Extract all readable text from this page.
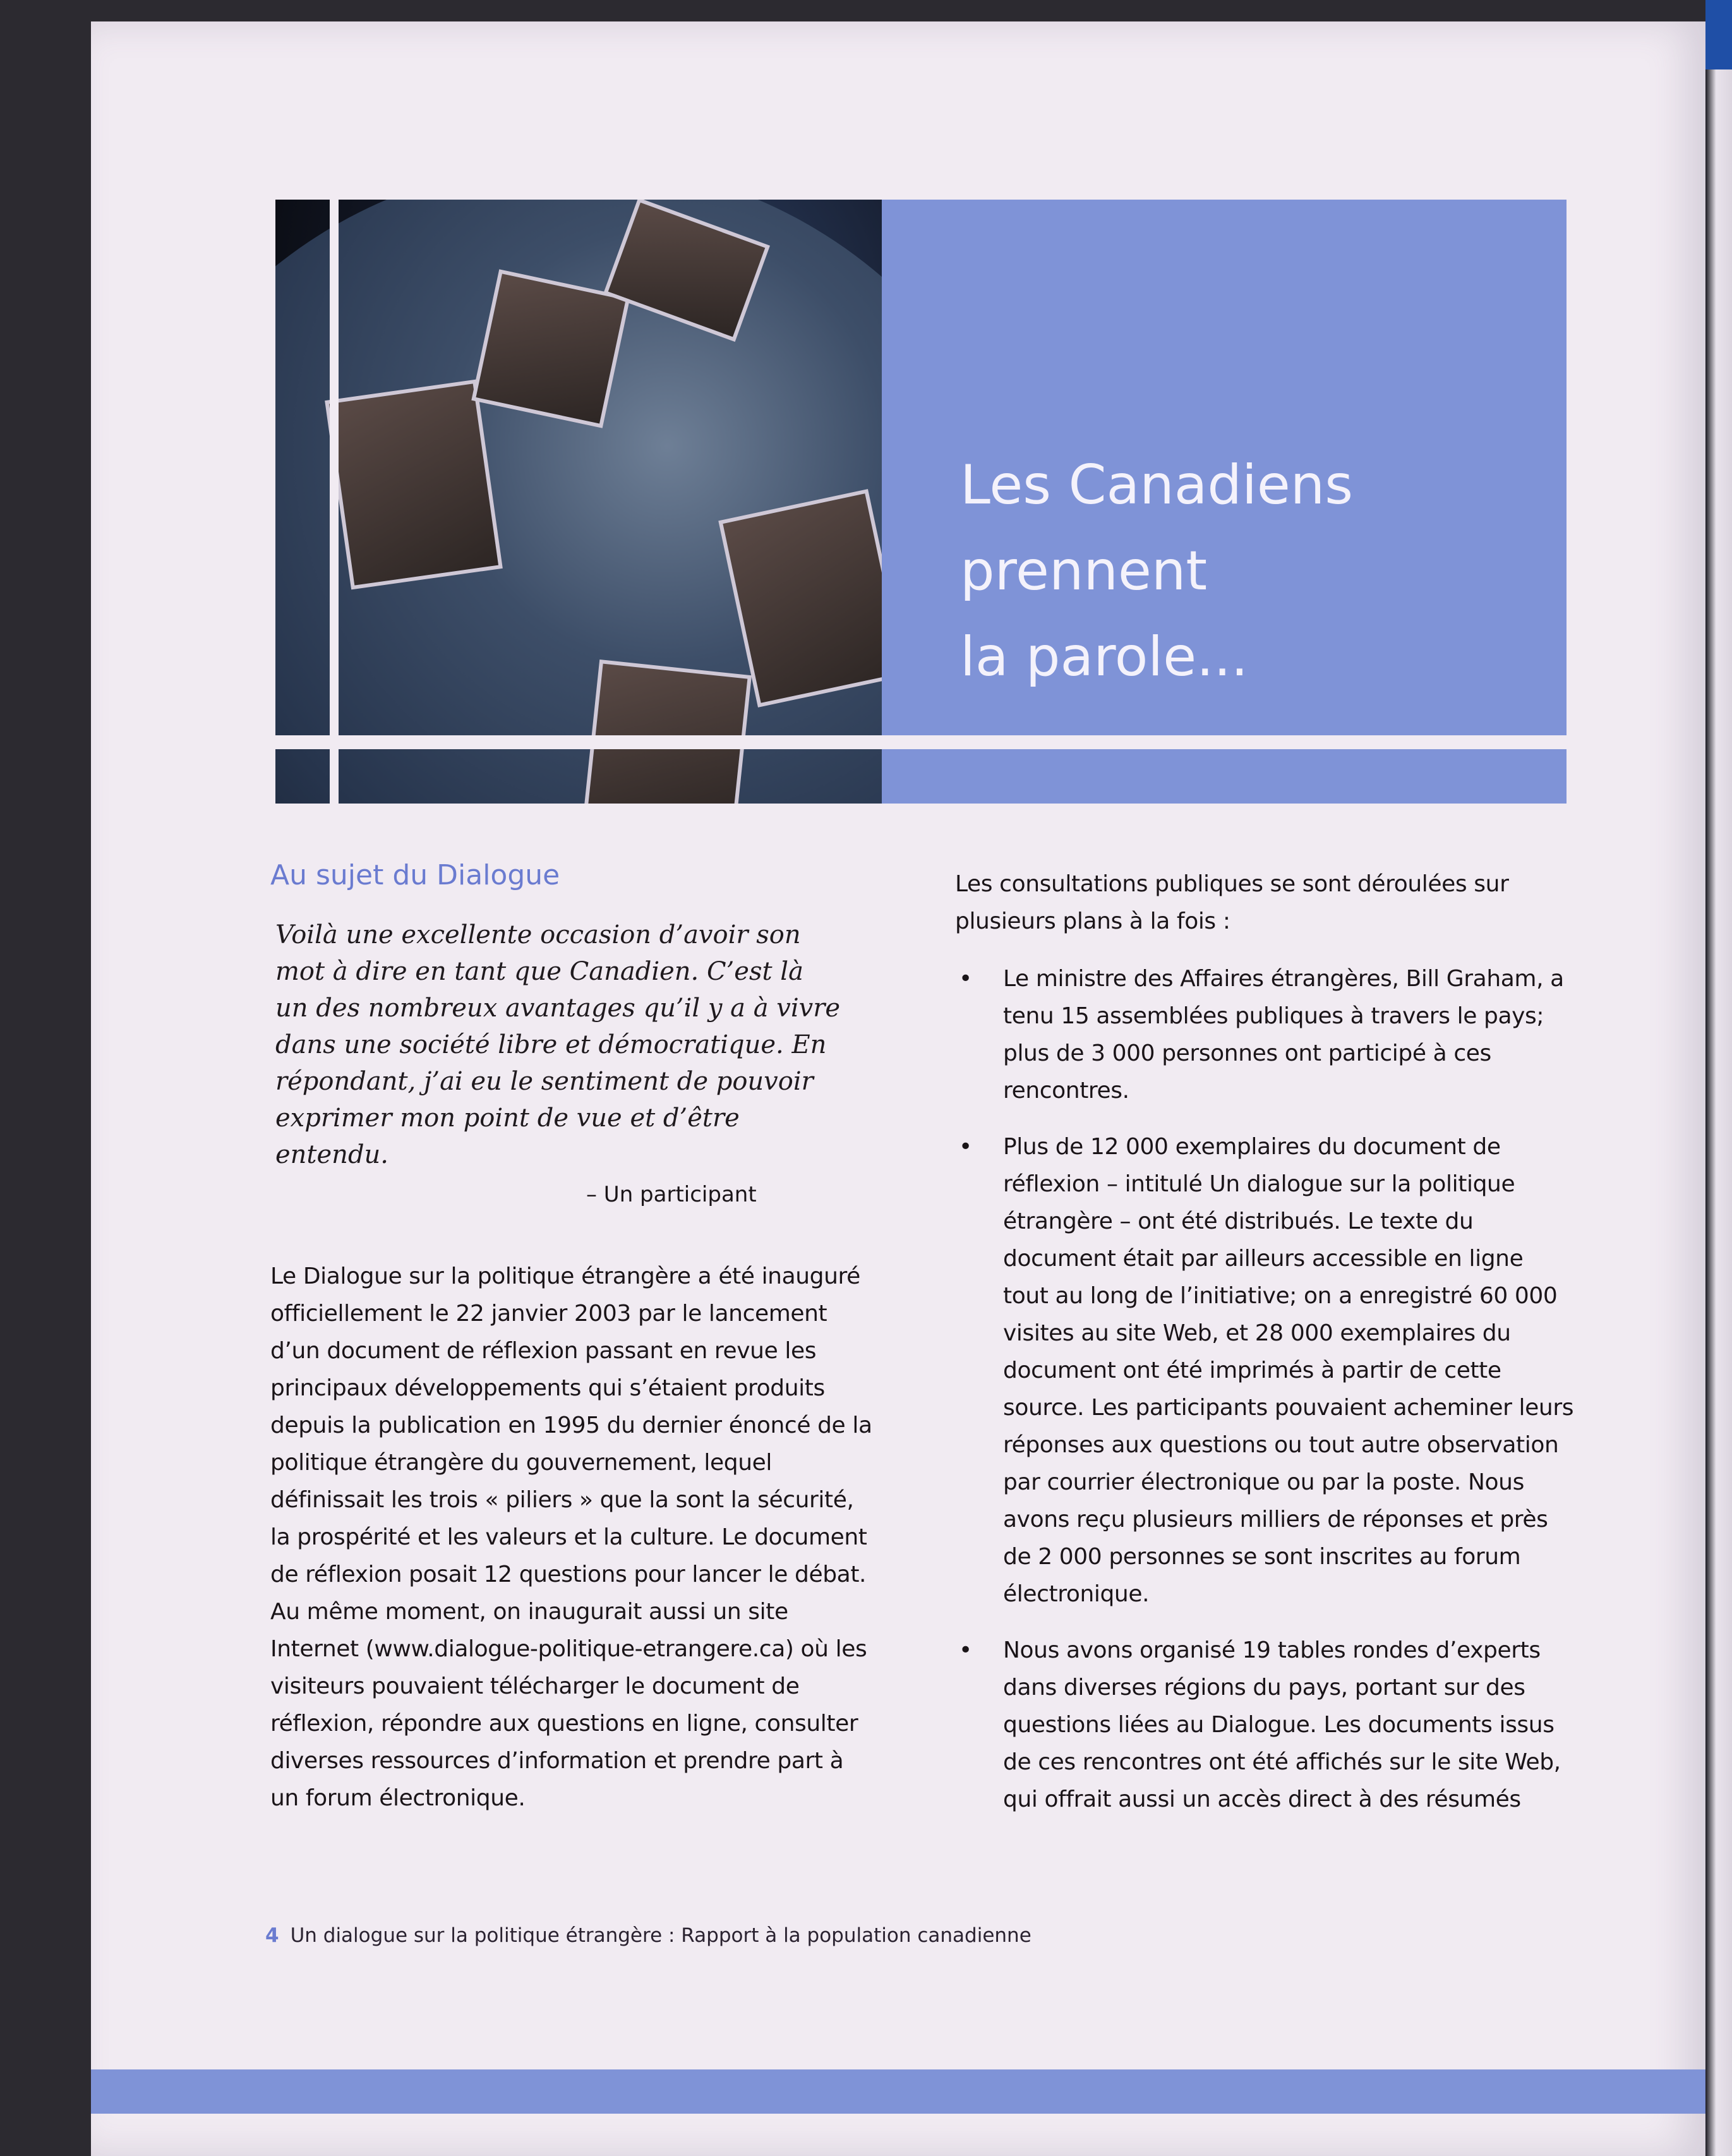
Les Canadiens
prennent
la parole...
Au sujet du Dialogue

Voilà une excellente occasion d’avoir son mot à dire en tant que Canadien. C’est là un des nombreux avantages qu’il y a à vivre dans une société libre et démocratique. En répondant, j’ai eu le sentiment de pouvoir exprimer mon point de vue et d’être entendu.

– Un participant

Le Dialogue sur la politique étrangère a été inauguré officiellement le 22 janvier 2003 par le lancement d’un document de réflexion passant en revue les principaux développements qui s’étaient produits depuis la publication en 1995 du dernier énoncé de la politique étrangère du gouvernement, lequel définissait les trois « piliers » que la sont la sécurité, la prospérité et les valeurs et la culture. Le document de réflexion posait 12 questions pour lancer le débat. Au même moment, on inaugurait aussi un site Internet (www.dialogue-politique-etrangere.ca) où les visiteurs pouvaient télécharger le document de réflexion, répondre aux questions en ligne, consulter diverses ressources d’information et prendre part à un forum électronique.

Les consultations publiques se sont déroulées sur plusieurs plans à la fois :

• Le ministre des Affaires étrangères, Bill Graham, a tenu 15 assemblées publiques à travers le pays; plus de 3 000 personnes ont participé à ces rencontres.
• Plus de 12 000 exemplaires du document de réflexion – intitulé Un dialogue sur la politique étrangère – ont été distribués. Le texte du document était par ailleurs accessible en ligne tout au long de l’initiative; on a enregistré 60 000 visites au site Web, et 28 000 exemplaires du document ont été imprimés à partir de cette source. Les participants pouvaient acheminer leurs réponses aux questions ou tout autre observation par courrier électronique ou par la poste. Nous avons reçu plusieurs milliers de réponses et près de 2 000 personnes se sont inscrites au forum électronique.
• Nous avons organisé 19 tables rondes d’experts dans diverses régions du pays, portant sur des questions liées au Dialogue. Les documents issus de ces rencontres ont été affichés sur le site Web, qui offrait aussi un accès direct à des résumés
4 Un dialogue sur la politique étrangère : Rapport à la population canadienne
